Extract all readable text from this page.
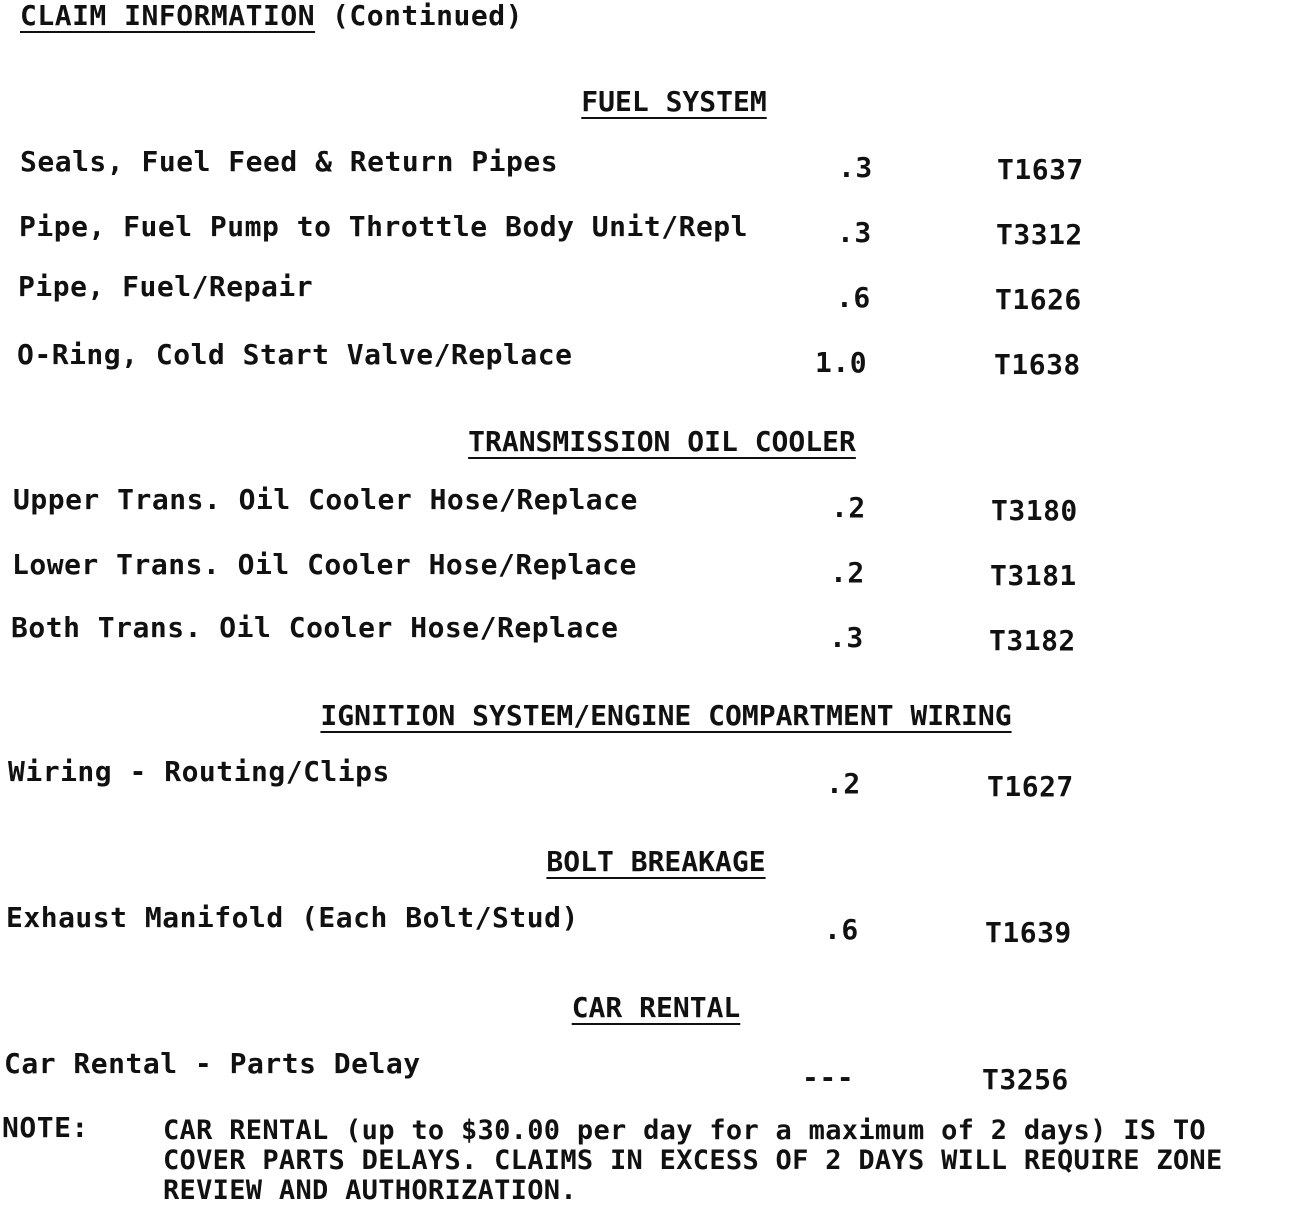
CLAIM INFORMATION (Continued)
FUEL SYSTEM
Seals, Fuel Feed & Return Pipes	.3	T1637
Pipe, Fuel Pump to Throttle Body Unit/Repl	.3	T3312
Pipe, Fuel/Repair	.6	T1626
O-Ring, Cold Start Valve/Replace	1.0	T1638
TRANSMISSION OIL COOLER
Upper Trans. Oil Cooler Hose/Replace	.2	T3180
Lower Trans. Oil Cooler Hose/Replace	.2	T3181
Both Trans. Oil Cooler Hose/Replace	.3	T3182
IGNITION SYSTEM/ENGINE COMPARTMENT WIRING
Wiring - Routing/Clips	.2	T1627
BOLT BREAKAGE
Exhaust Manifold (Each Bolt/Stud)	.6	T1639
CAR RENTAL
Car Rental - Parts Delay	---	T3256
NOTE:	CAR RENTAL (up to $30.00 per day for a maximum of 2 days) IS TO COVER PARTS DELAYS. CLAIMS IN EXCESS OF 2 DAYS WILL REQUIRE ZONE REVIEW AND AUTHORIZATION.
